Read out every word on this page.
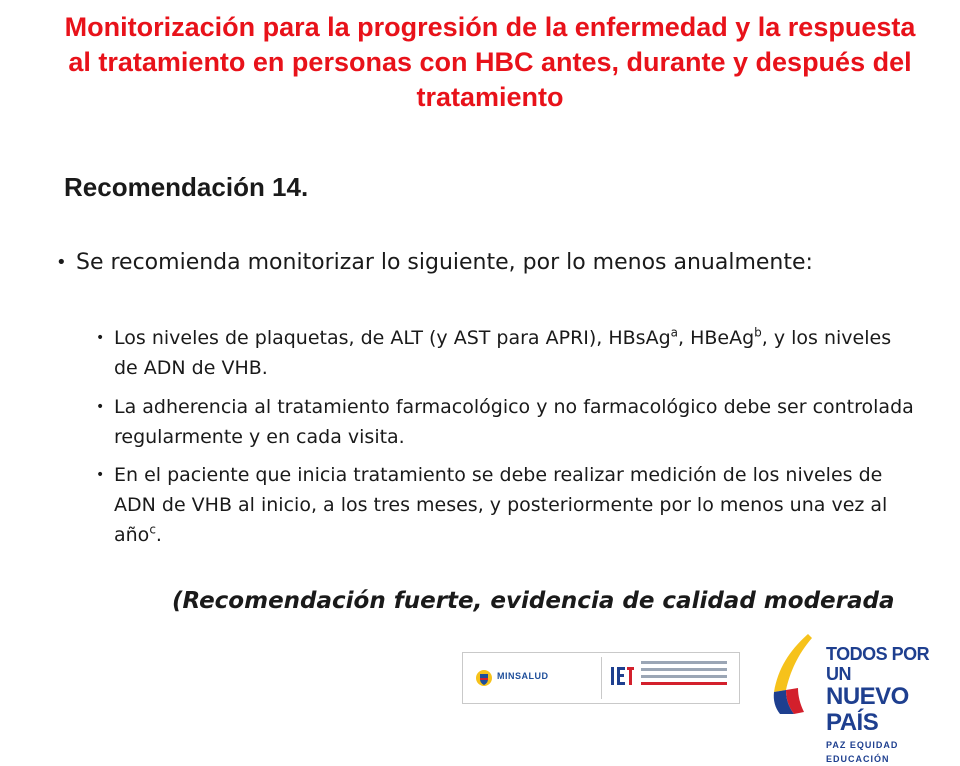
Monitorización para la progresión de la enfermedad y la respuesta al tratamiento en personas con HBC antes, durante y después del tratamiento
Recomendación 14.
• Se recomienda monitorizar lo siguiente, por lo menos anualmente:
• Los niveles de plaquetas, de ALT (y AST para APRI), HBsAg$^a$, HBeAg$^b$, y los niveles de ADN de VHB.
• La adherencia al tratamiento farmacológico y no farmacológico debe ser controlada regularmente y en cada visita.
• En el paciente que inicia tratamiento se debe realizar medición de los niveles de ADN de VHB al inicio, a los tres meses, y posteriormente por lo menos una vez al año$^c$.
(Recomendación fuerte, evidencia de calidad moderada
MINSALUD
TODOS POR UN
NUEVO PAÍS
PAZ EQUIDAD EDUCACIÓN
